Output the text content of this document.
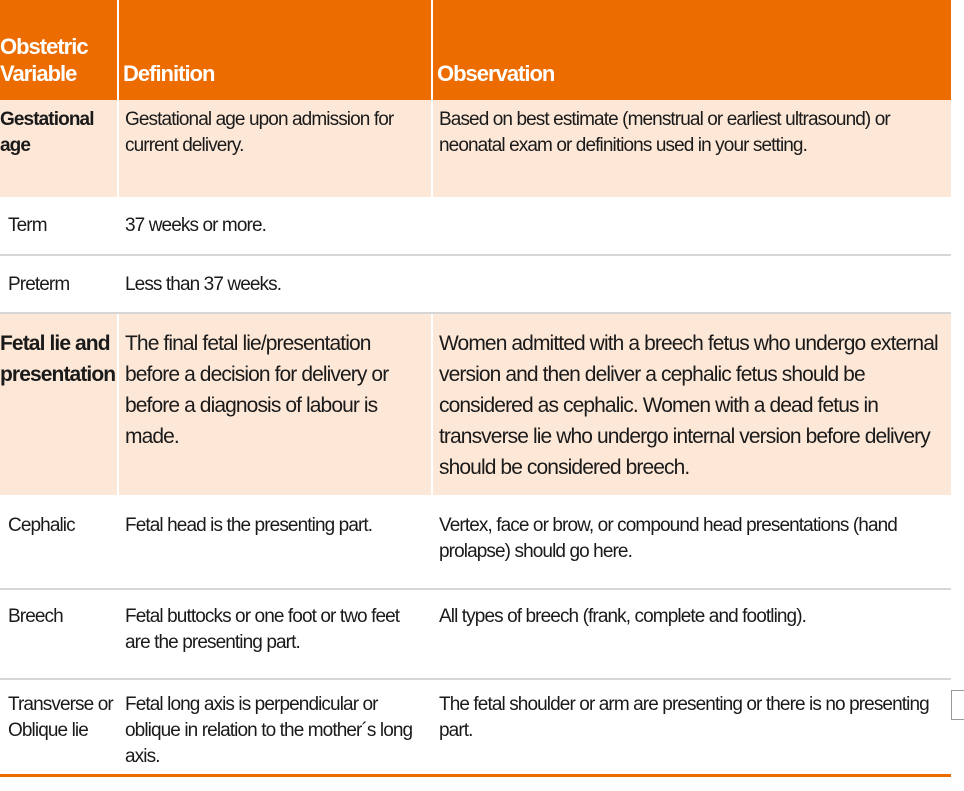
Obstetric Variable	Definition	Observation
Gestational age	Gestational age upon admission for current delivery.	Based on best estimate (menstrual or earliest ultrasound) or neonatal exam or definitions used in your setting.
Term	37 weeks or more.	
Preterm	Less than 37 weeks.	
Fetal lie and presentation	The final fetal lie/presentation before a decision for delivery or before a diagnosis of labour is made.	Women admitted with a breech fetus who undergo external version and then deliver a cephalic fetus should be considered as cephalic. Women with a dead fetus in transverse lie who undergo internal version before delivery should be considered breech.
Cephalic	Fetal head is the presenting part.	Vertex, face or brow, or compound head presentations (hand prolapse) should go here.
Breech	Fetal buttocks or one foot or two feet are the presenting part.	All types of breech (frank, complete and footling).
Transverse or Oblique lie	Fetal long axis is perpendicular or oblique in relation to the mother´s long axis.	The fetal shoulder or arm are presenting or there is no presenting part.
